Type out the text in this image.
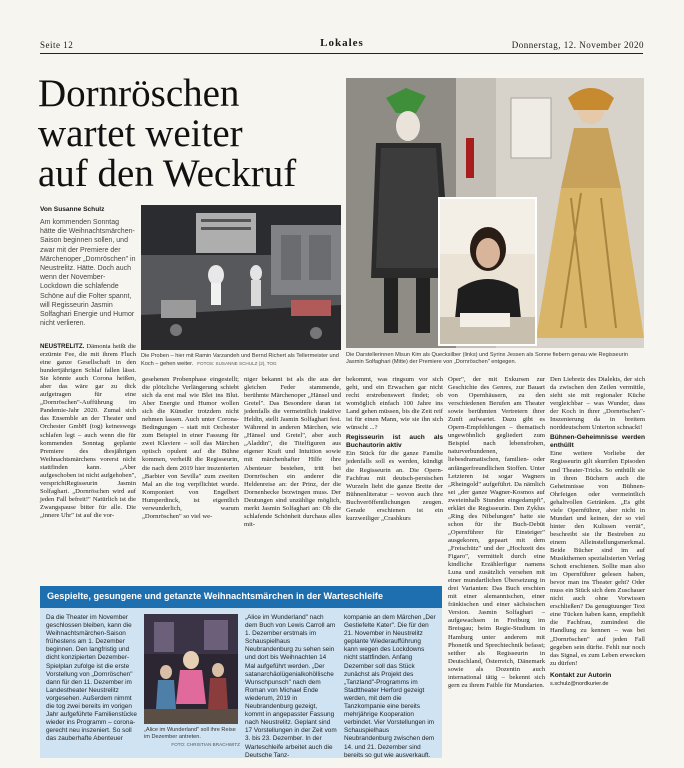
Seite 12	Lokales	Donnerstag, 12. November 2020
Dornröschen
wartet weiter
auf den Weckruf
Von Susanne Schulz
Am kommenden Sonntag hätte die Weihnachtsmärchen-Saison beginnen sollen, und zwar mit der Premiere der Märchenoper „Dornröschen" in Neustrelitz. Hätte. Doch auch wenn der November-Lockdown die schlafende Schöne auf die Folter spannt, will Regisseurin Jasmin Solfaghari Energie und Humor nicht verlieren.
Die Proben – hier mit Ramin Varzandeh und Bernd Richert als Tellermeister und Koch – gehen weiter. FOTOS: SUSANNE SCHULZ (2), TOG
Die Darstellerinnen Misun Kim als Quecksilber (links) und Syrinx Jessen als Sonne fiebern genau wie Regisseurin Jasmin Solfaghari (Mitte) der Premiere von „Dornröschen" entgegen.

NEUSTRELITZ. Dämonia heißt die erzürnte Fee, die mit ihrem Fluch eine ganze Gesellschaft in den hundertjährigen Schlaf fallen lässt. Sie könnte auch Corona heißen, aber das wäre gar zu dick aufgetragen für eine „Dornröschen"-Aufführung im Pandemie-Jahr 2020. Zumal sich das Ensemble an der Theater und Orchester GmbH (tog) keineswegs schlafen legt – auch wenn die für kommenden Sonntag geplante Premiere des diesjährigen Weihnachtsmärchens vorerst nicht stattfinden kann. „Aber aufgeschoben ist nicht aufgehoben", versprichtRegisseurin Jasmin Solfaghari. „Dornröschen wird auf jeden Fall befreit!" Natürlich ist die Zwangspause bitter für alle. Die „innere Uhr" ist auf die vor-

gesehenen Probenphase eingestellt; die plötzliche Verlängerung schiebt sich da erst mal wie Blei ins Blut. Aber Energie und Humor wollen sich die Künstler trotzdem nicht nehmen lassen. Auch unter Corona-Bedingungen – statt mit Orchester zum Beispiel in einer Fassung für zwei Klaviere – soll das Märchen optisch opulent auf die Bühne kommen, verheißt die Regisseurin, die nach dem 2019 hier inszenierten „Barbier von Sevilla" zum zweiten Mal an die tog verpflichtet wurde. Komponiert von Engelbert Humperdinck, ist eigentlich verwunderlich, warum „Dornröschen" so viel we-
niger bekannt ist als die aus der gleichen Feder stammende, berühmte Märchenoper „Hänsel und Gretel". Das Besondere daran ist jedenfalls die vermeintlich inaktive Heldin, stellt Jasmin Solfaghari fest. Während in anderen Märchen, wie „Hänsel und Gretel", aber auch „Aladdin", die Titelfiguren aus eigener Kraft und Intuition sowie mit märchenhafter Hilfe ihre Abenteuer bestehen, tritt bei Dornröschen ein anderer die Heldenreise an: der Prinz, der die Dornenhecke bezwingen muss. Der Deutungen sind unzählige möglich, merkt Jasmin Solfaghari an: Ob die schlafende Schönheit durchaus alles mit-

bekommt, was ringsum vor sich geht, und ein Erwachen gar nicht recht erstrebenswert findet; ob womöglich einfach 100 Jahre ins Land gehen müssen, bis die Zeit reif ist für einen Mann, wie sie ihn sich wünscht ...?

Regisseurin ist auch als Buchautorin aktiv

Ein Stück für die ganze Familie jedenfalls soll es werden, kündigt die Regisseurin an. Die Opern-Fachfrau mit deutsch-persischen Wurzeln liebt die ganze Breite der Bühnenliteratur – wovon auch ihre Buchveröffentlichungen zeugen. Gerade erschienen ist ein kurzweiliger „Crashkurs

Oper", der mit Exkursen zur Geschichte des Genres, zur Bauart von Opernhäusern, zu den verschiedenen Berufen am Theater sowie berühmten Vertretern ihrer Zunft aufwartet. Dazu gibt es Opern-Empfehlungen – thematisch ungewöhnlich gegliedert zum Beispiel nach lebensfrohen, naturverbundenen, liebesdramatischen, familien- oder anfängerfreundlichen Stoffen. Unter Letzteren ist sogar Wagners „Rheingold" aufgeführt. Da nämlich sei „der ganze Wagner-Kosmos auf zweieinhalb Stunden eingedampft", erklärt die Regisseurin. Den Zyklus „Ring des Nibelungen" hatte sie schon für ihr Buch-Debüt „Opernführer für Einsteiger" ausgekoren, gepaart mit dem „Freischütz" und der „Hochzeit des Figaro", vermittelt durch eine kindliche Erzählerfigur namens Luna und zusätzlich versehen mit einer mundartlichen Übersetzung in drei Varianten: Das Buch erschien mit einer alemannischen, einer fränkischen und einer sächsischen Version. Jasmin Solfaghari – aufgewachsen in Freiburg im Breisgau; beim Regie-Studium in Hamburg unter anderem mit Phonetik und Sprechtechnik befasst; seither als Regisseurin in Deutschland, Österreich, Dänemark sowie als Dozentin auch international tätig – bekennt sich gern zu ihrem Faible für Mundarten.

Den Liebreiz des Dialekts, der sich da zwischen den Zeilen vermittle, sieht sie mit regionaler Küche vergleichbar – was Wunder, dass der Koch in ihrer „Dornröschen"-Inszenierung da in breitem norddeutschem Unterton schnackt!

Bühnen-Geheimnisse werden enthüllt

Eine weitere Vorliebe der Regisseurin gilt skurrilen Episoden und Theater-Tricks. So enthüllt sie in ihren Büchern auch die Geheimnisse von Bühnen-Ohrfeigen oder vermeintlich gehaltvollen Getränken. „Es gibt viele Opernführer, aber nicht in Mundart und keinen, der so viel hinter den Kulissen verrät", beschreibt sie ihr Bestreben zu einem Alleinstellungsmerkmal. Beide Bücher sind im auf Musikthemen spezialisierten Verlag Schott erschienen. Sollte man also im Opernführer gelesen haben, bevor man ins Theater geht? Oder muss ein Stück sich dem Zuschauer nicht auch ohne Vorwissen erschließen? Da genugtuunger Text eine Tücken haben kann, empfiehlt die Fachfrau, zumindest die Handlung zu kennen – was bei „Dornröschen" auf jeden Fall gegeben sein dürfte. Fehlt nur noch das Signal, es zum Leben erwecken zu dürfen!

Kontakt zur Autorin
s.schulz@nordkurier.de
Gespielte, gesungene und getanzte Weihnachtsmärchen in der Warteschleife
Da die Theater im November geschlossen bleiben, kann die Weihnachtsmärchen-Saison frühestens am 1. Dezember beginnen. Den langfristig und dicht konzipierten Dezember-Spielplan zufolge ist die erste Vorstellung von „Dornröschen" dann für den 11. Dezember im Landestheater Neustrelitz vorgesehen. Außerdem nimmt die tog zwei bereits im vorigen Jahr aufgeführte Familienstücke wieder ins Programm – corona-gerecht neu inszeniert. So soll das zauberhafte Abenteuer
„Alice im Wunderland" soll ihre Reise im Dezember antreten.
FOTO: CHRISTIAN BRACHWITZ
„Alice im Wunderland" nach dem Buch von Lewis Carroll am 1. Dezember erstmals im Schauspielhaus Neubrandenburg zu sehen sein und dort bis Weihnachten 14 Mal aufgeführt werden. „Der satanarchäolügenialkohöllische Wunschpunsch" nach dem Roman von Michael Ende wiederum, 2019 in Neubrandenburg gezeigt, kommt in angepasster Fassung nach Neustrelitz. Geplant sind 17 Vorstellungen in der Zeit vom 3. bis 23. Dezember. In der Warteschleife arbeitet auch die Deutsche Tanz-
kompanie an dem Märchen „Der Gestiefelte Kater". Die für den 21. November in Neustrelitz geplante Wiederaufführung kann wegen des Lockdowns nicht stattfinden. Anfang Dezember soll das Stück zunächst als Projekt des „Tanzland"-Programms im Stadttheater Herford gezeigt werden, mit dem die Tanzkompanie eine bereits mehrjährige Kooperation verbindet. Vier Vorstellungen im Schauspielhaus Neubrandenburg zwischen dem 14. und 21. Dezember sind bereits so gut wie ausverkauft.
